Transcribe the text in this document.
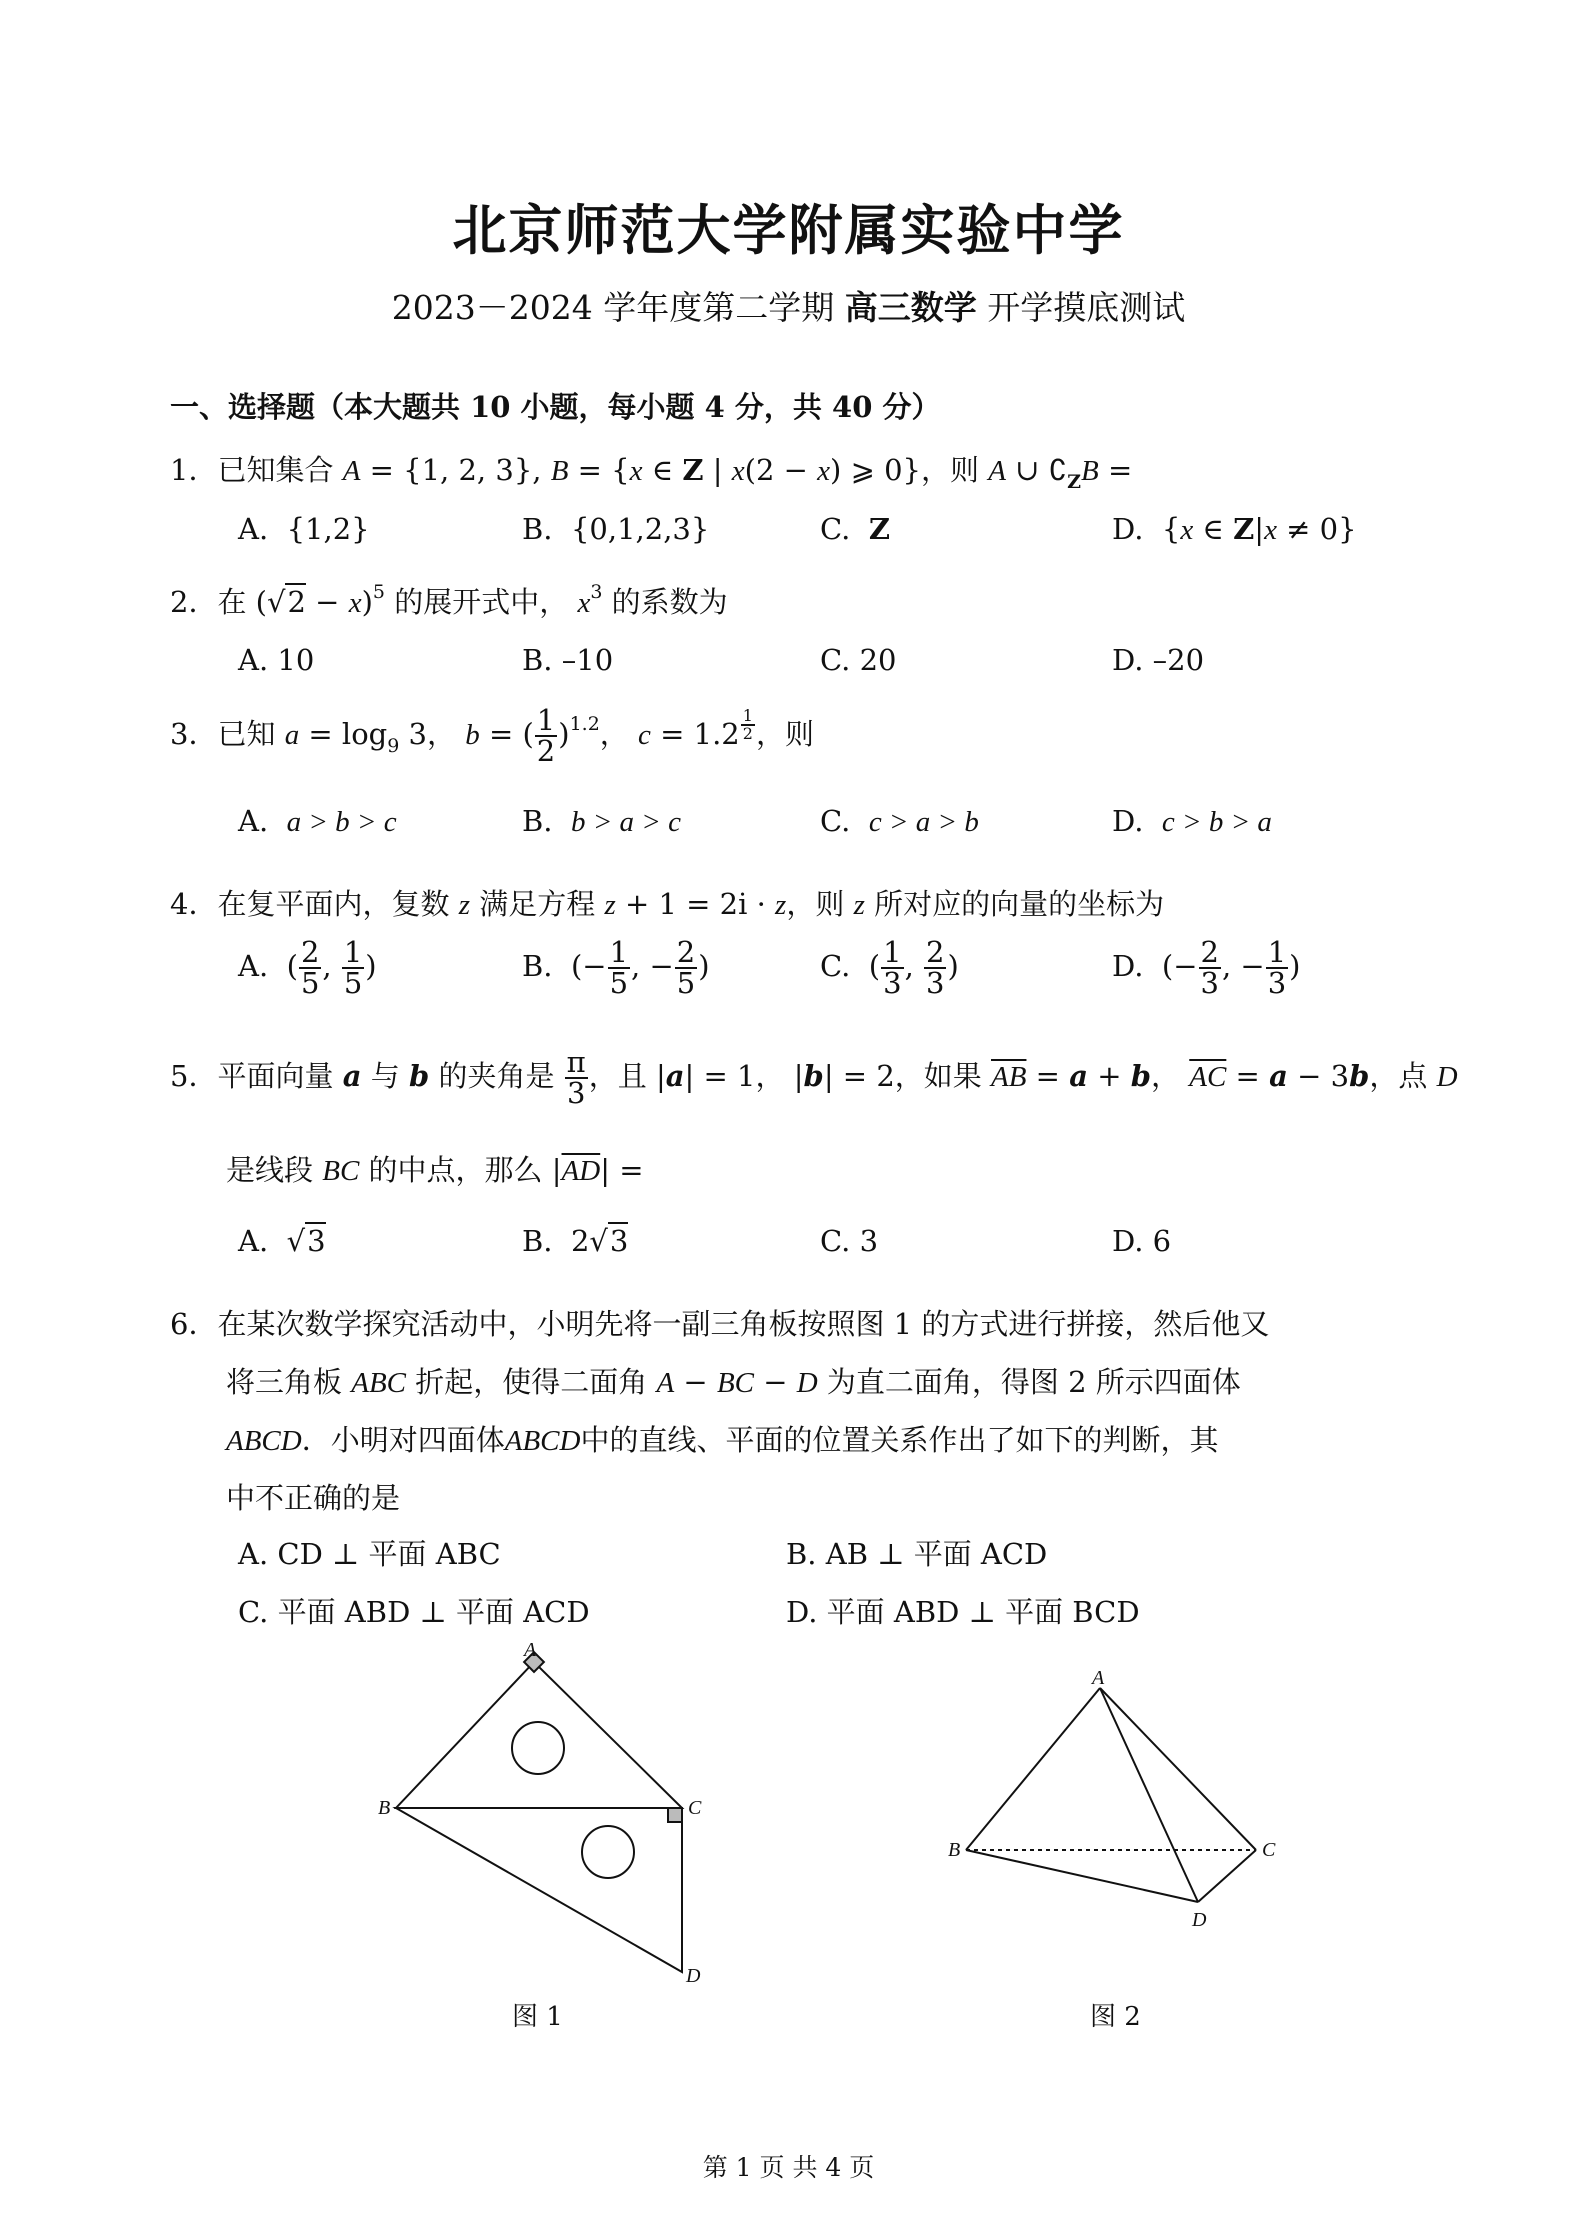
北京师范大学附属实验中学
2023－2024 学年度第二学期 高三数学 开学摸底测试
一、选择题（本大题共 10 小题，每小题 4 分，共 40 分）
1．已知集合 A = {1, 2, 3}, B = {x ∈ Z | x(2 − x) ⩾ 0}，则 A ∪ $∁_ZB$ =
A. {1,2}	B. {0,1,2,3}	C. Z	D.  {x ∈ Z|x ≠ 0}
2．在 $(√2 - x)^5$ 的展开式中， $x^3$ 的系数为
A. 10	B. –10	C. 20	D. –20
3．已知 $a = \log_9 3$， b = ( $\frac{1}{2} )^{1.2}$， c = 1.2 $^{\frac{1}{2}}$ ，则
A. a > b > c	B. b > a > c	C. c > a > b	D. c > b > a
4．在复平面内，复数 z 满足方程 z + 1 = 2i · z，则 z 所对应的向量的坐标为
A.  ( $\frac{2}{5}$ , $\frac{1}{5}$ )	B.  (− $\frac{1}{5}$ , − $\frac{2}{5}$ )	C.  ( $\frac{1}{3}$ , $\frac{2}{3}$ )	D.  (− $\frac{2}{3}$ , − $\frac{1}{3}$ )
5．平面向量 a 与 b 的夹角是 $\frac{\pi}{3}$ ，且 |a| = 1， |b| = 2，如果 $\overline{AB} = a + b$， $\overline{AC} = a - 3b$，点 D
是线段 BC 的中点，那么 $|\overline{AD}|$ =
A.  √3	B.  2√3	C. 3	D. 6
6．在某次数学探究活动中，小明先将一副三角板按照图 1 的方式进行拼接，然后他又
将三角板 ABC 折起，使得二面角 A − BC − D 为直二面角，得图 2 所示四面体
ABCD．小明对四面体ABCD中的直线、平面的位置关系作出了如下的判断，其
中不正确的是
A. CD ⊥ 平面 ABC	B. AB ⊥ 平面 ACD
C. 平面 ABD ⊥ 平面 ACD	D. 平面 ABD ⊥ 平面 BCD
A
B	C
D
图 1
A
B	C
D
图 2
第 1 页 共 4 页
